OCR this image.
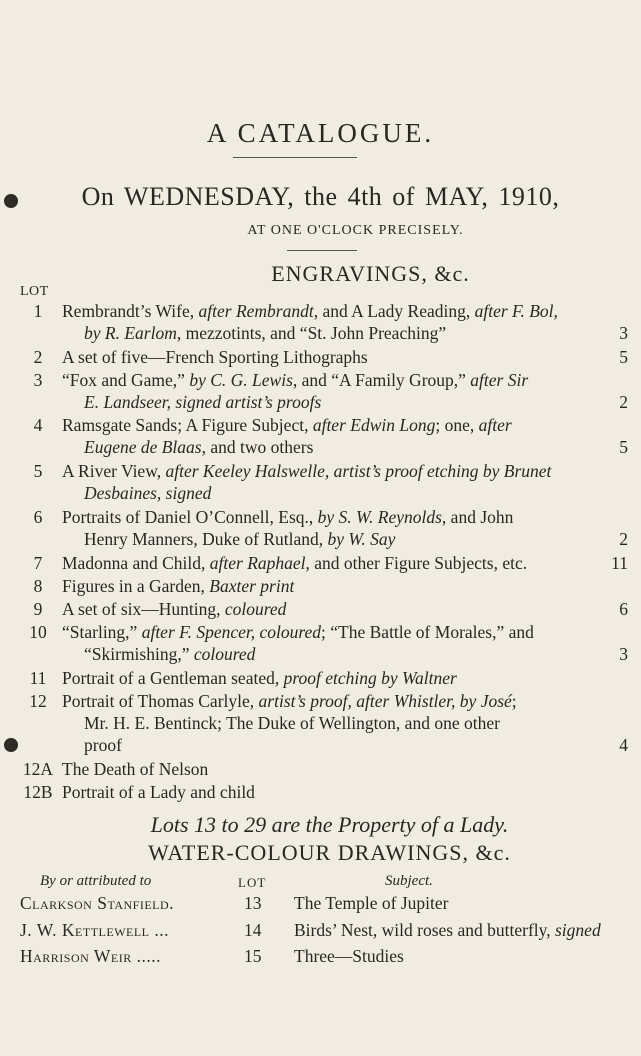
A CATALOGUE.
On WEDNESDAY, the 4th of MAY, 1910,
AT ONE O'CLOCK PRECISELY.
ENGRAVINGS, &c.
LOT
1	Rembrandt’s Wife, after Rembrandt, and A Lady Reading, after F. Bol,
by R. Earlom, mezzotints, and “St. John Preaching”	3
2	A set of five—French Sporting Lithographs	5
3	“Fox and Game,” by C. G. Lewis, and “A Family Group,” after Sir
E. Landseer, signed artist’s proofs	2
4	Ramsgate Sands; A Figure Subject, after Edwin Long; one, after
Eugene de Blaas, and two others	5
5	A River View, after Keeley Halswelle, artist’s proof etching by Brunet
Desbaines, signed
6	Portraits of Daniel O’Connell, Esq., by S. W. Reynolds, and John
Henry Manners, Duke of Rutland, by W. Say	2
7	Madonna and Child, after Raphael, and other Figure Subjects, etc.	11
8	Figures in a Garden, Baxter print
9	A set of six—Hunting, coloured	6
10 “Starling,” after F. Spencer, coloured; “The Battle of Morales,” and
“Skirmishing,” coloured	3
11 Portrait of a Gentleman seated, proof etching by Waltner
12 Portrait of Thomas Carlyle, artist’s proof, after Whistler, by José;
Mr. H. E. Bentinck; The Duke of Wellington, and one other
proof	4
12A The Death of Nelson
12B Portrait of a Lady and child
Lots 13 to 29 are the Property of a Lady.
WATER-COLOUR DRAWINGS, &c.
By or attributed to	LOT	Subject.
Clarkson Stanfield.	13 The Temple of Jupiter
J. W. Kettlewell ...	14 Birds’ Nest, wild roses and butterfly, signed
Harrison Weir .....	15 Three—Studies
